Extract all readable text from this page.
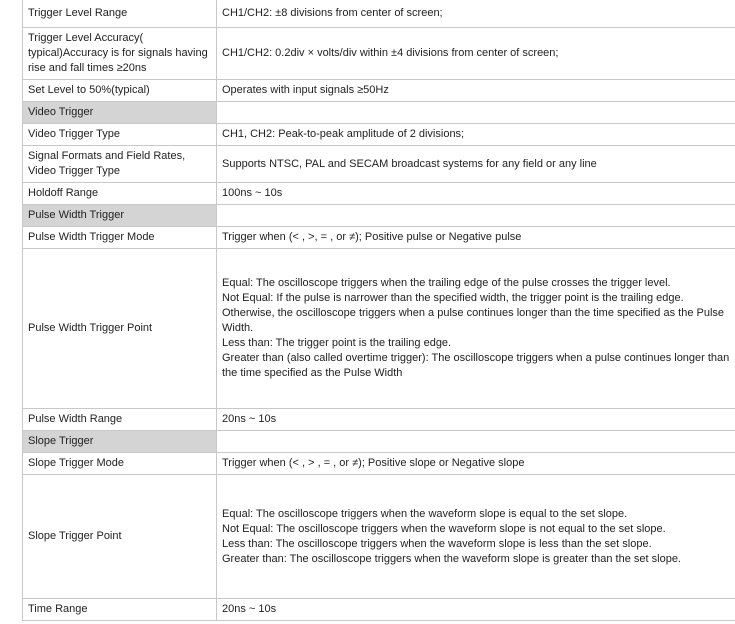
Trigger Level Range	CH1/CH2: ±8 divisions from center of screen;
Trigger Level Accuracy( typical)Accuracy is for signals having rise and fall times ≥20ns	CH1/CH2: 0.2div × volts/div within ±4 divisions from center of screen;
Set Level to 50%(typical)	Operates with input signals ≥50Hz
Video Trigger	
Video Trigger Type	CH1, CH2: Peak-to-peak amplitude of 2 divisions;
Signal Formats and Field Rates, Video Trigger Type	Supports NTSC, PAL and SECAM broadcast systems for any field or any line
Holdoff Range	100ns ~ 10s
Pulse Width Trigger	
Pulse Width Trigger Mode	Trigger when (< , >, = , or ≠); Positive pulse or Negative pulse
Pulse Width Trigger Point	Equal: The oscilloscope triggers when the trailing edge of the pulse crosses the trigger level.
Not Equal: If the pulse is narrower than the specified width, the trigger point is the trailing edge. Otherwise, the oscilloscope triggers when a pulse continues longer than the time specified as the Pulse Width.
Less than: The trigger point is the trailing edge.
Greater than (also called overtime trigger): The oscilloscope triggers when a pulse continues longer than the time specified as the Pulse Width

Pulse Width Range	20ns ~ 10s
Slope Trigger	
Slope Trigger Mode	Trigger when (< , > , = , or ≠); Positive slope or Negative slope
Slope Trigger Point	Equal: The oscilloscope triggers when the waveform slope is equal to the set slope.
Not Equal: The oscilloscope triggers when the waveform slope is not equal to the set slope.
Less than: The oscilloscope triggers when the waveform slope is less than the set slope.
Greater than: The oscilloscope triggers when the waveform slope is greater than the set slope.

Time Range	20ns ~ 10s
